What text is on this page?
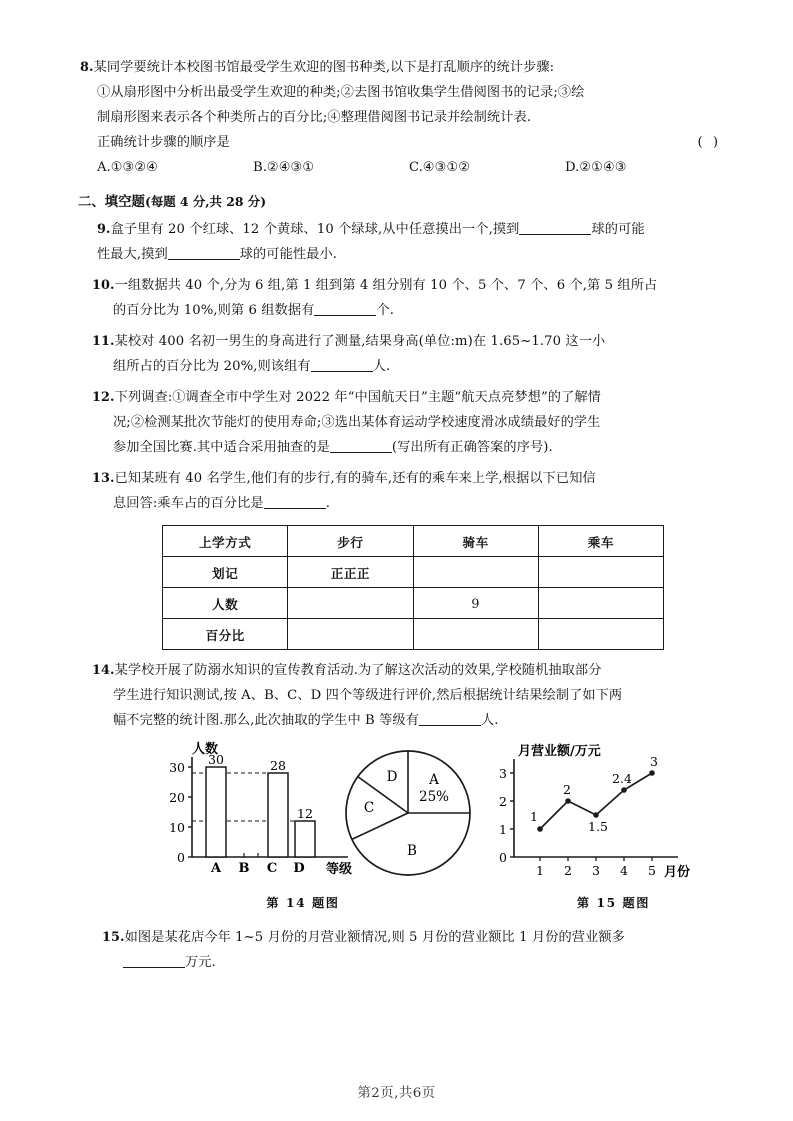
8.某同学要统计本校图书馆最受学生欢迎的图书种类,以下是打乱顺序的统计步骤:
①从扇形图中分析出最受学生欢迎的种类;②去图书馆收集学生借阅图书的记录;③绘
制扇形图来表示各个种类所占的百分比;④整理借阅图书记录并绘制统计表.
( )
正确统计步骤的顺序是
A.①③②④	B.②④③①	C.④③①②	D.②①④③
二、填空题(每题 4 分,共 28 分)
9.盒子里有 20 个红球、12 个黄球、10 个绿球,从中任意摸出一个,摸到	球的可能
性最大,摸到	球的可能性最小.
10.一组数据共 40 个,分为 6 组,第 1 组到第 4 组分别有 10 个、5 个、7 个、6 个,第 5 组所占
的百分比为 10%,则第 6 组数据有	个.
11.某校对 400 名初一男生的身高进行了测量,结果身高(单位:m)在 1.65~1.70 这一小
组所占的百分比为 20%,则该组有	人.
12.下列调查:①调查全市中学生对 2022 年“中国航天日”主题“航天点亮梦想”的了解情
况;②检测某批次节能灯的使用寿命;③选出某体育运动学校速度滑冰成绩最好的学生
参加全国比赛.其中适合采用抽查的是	(写出所有正确答案的序号).
13.已知某班有 40 名学生,他们有的步行,有的骑车,还有的乘车来上学,根据以下已知信
息回答:乘车占的百分比是	.
上学方式	步行	骑车	乘车
划记	正正正		
人数		9	
百分比			
14.某学校开展了防溺水知识的宣传教育活动.为了解这次活动的效果,学校随机抽取部分
学生进行知识测试,按 A、B、C、D 四个等级进行评价,然后根据统计结果绘制了如下两
幅不完整的统计图.那么,此次抽取的学生中 B 等级有	人.
人数
0
10
20
30
30	28
12
A B C D 等级
第 14 题图
A
25%
B
C
D
月营业额/万元
0
1
2
3
1
2
1.5
2.4
3
1 2 3 4 5 月份
第 15 题图
15.如图是某花店今年 1~5 月份的月营业额情况,则 5 月份的营业额比 1 月份的营业额多
万元.
第2页,共6页
